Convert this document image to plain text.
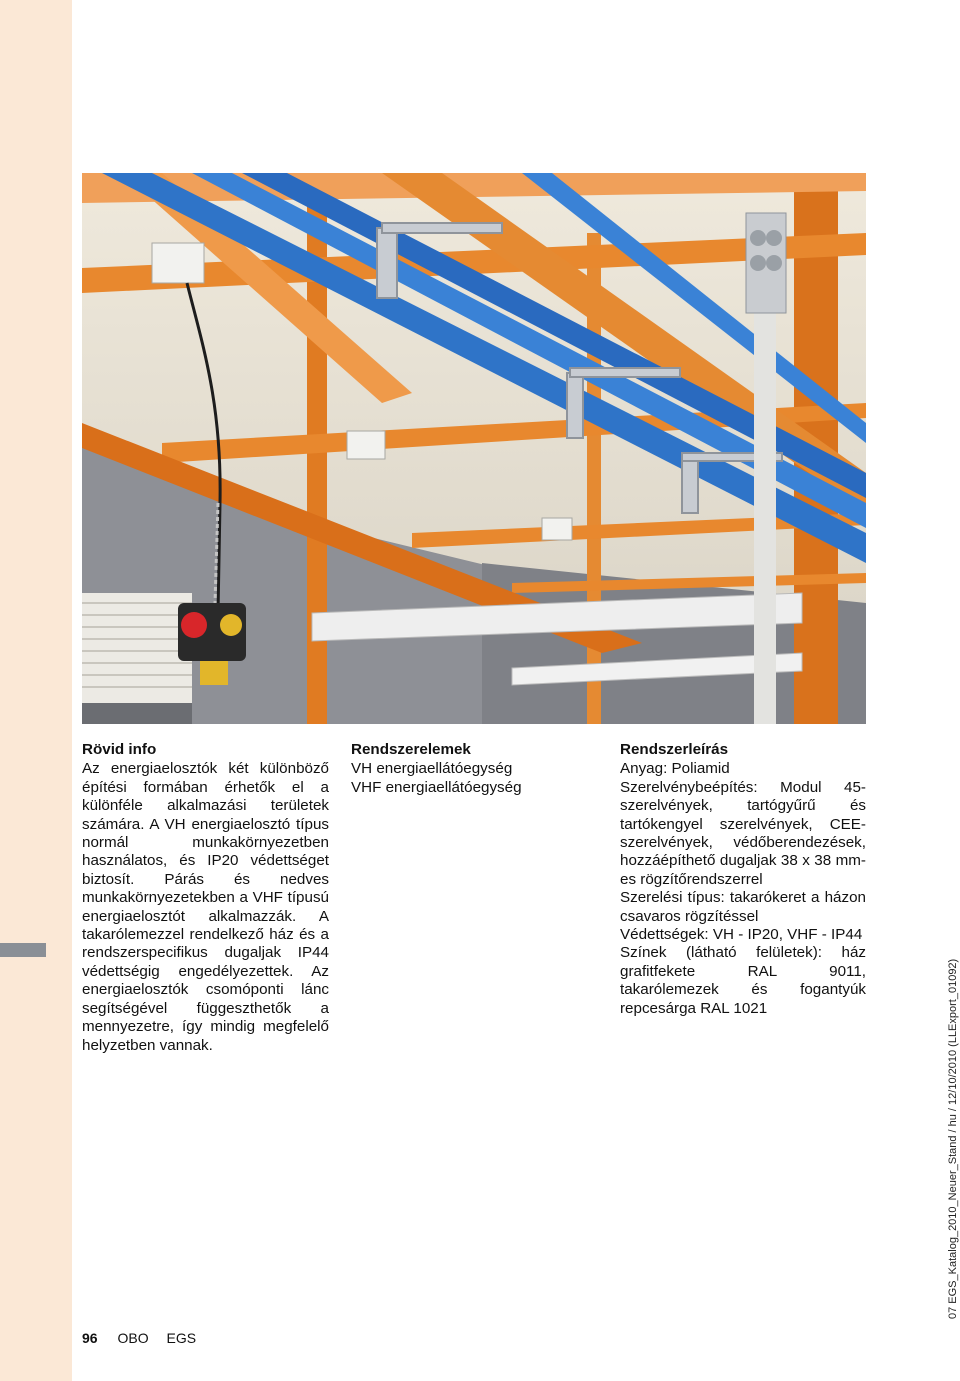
Rövid info

Az energiaelosztók két különböző építési formában érhetők el a különféle alkalmazási területek számára. A VH energiaelosztó típus normál munkakörnyezetben használatos, és IP20 védettséget biztosít. Párás és nedves munkakörnyezetekben a VHF típusú energiaelosztót alkalmazzák. A takarólemezzel rendelkező ház és a rendszerspecifikus dugaljak IP44 védettségig engedélyezettek. Az energiaelosztók csomóponti lánc segítségével függeszthetők a mennyezetre, így mindig megfelelő helyzetben vannak.

Rendszerelemek
VH energiaellátóegység
VHF energiaellátóegység
Rendszerleírás

Anyag: Poliamid

Szerelvénybeépítés: Modul 45-szerelvények, tartógyűrű és tartókengyel szerelvények, CEE-szerelvények, védőberendezések, hozzáépíthető dugaljak 38 x 38 mm-es rögzítőrendszerrel

Szerelési típus: takarókeret a házon csavaros rögzítéssel

Védettségek: VH - IP20, VHF - IP44

Színek (látható felületek): ház grafitfekete RAL 9011, takarólemezek és fogantyúk repcesárga RAL 1021

96 OBO EGS
07 EGS_Katalog_2010_Neuer_Stand / hu / 12/10/2010 (LLExport_01092)
